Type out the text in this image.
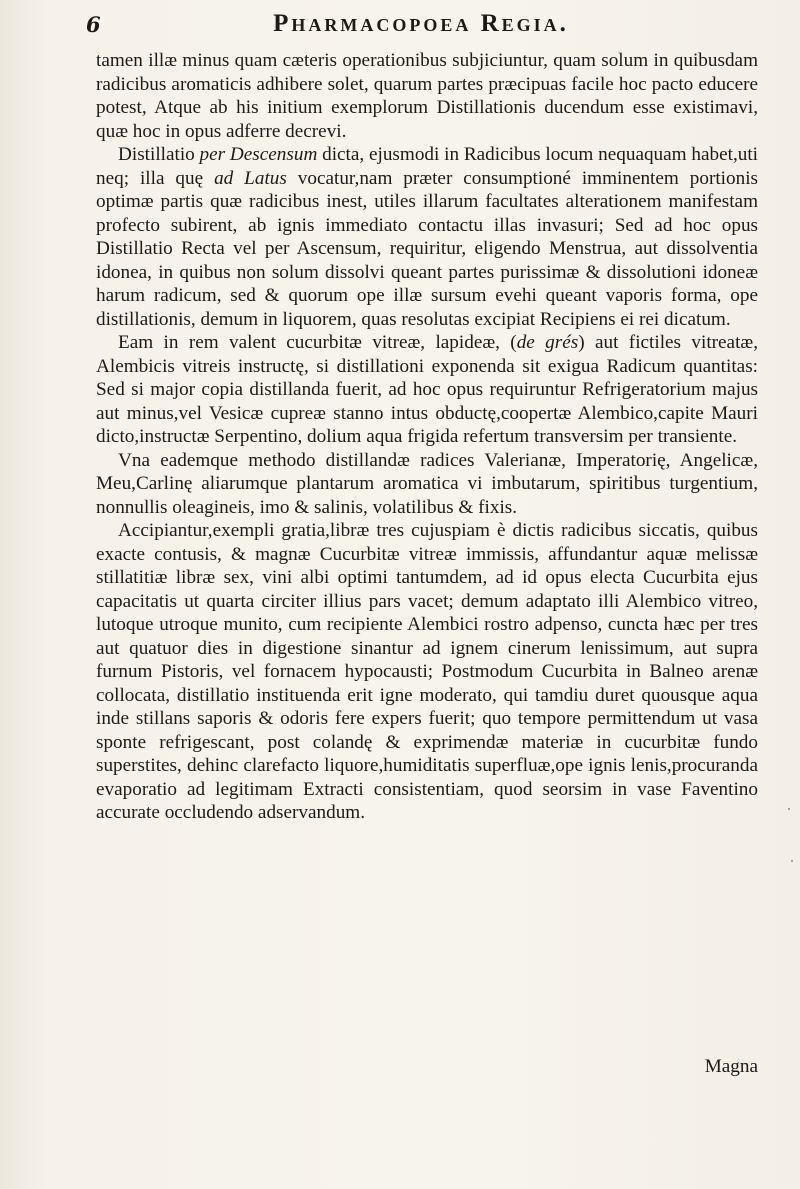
6	Pharmacopoea Regia.

tamen illæ minus quam cæteris operationibus subjiciuntur, quam solum in quibusdam radicibus aromaticis adhibere solet, quarum partes præcipuas facile hoc pacto educere potest, Atque ab his initium exemplorum Distillationis ducendum esse existimavi, quæ hoc in opus adferre decrevi.

Distillatio per Descensum dicta, ejusmodi in Radicibus locum nequaquam habet,uti neq; illa quę ad Latus vocatur,nam præter consumptioné imminentem portionis optimæ partis quæ radicibus inest, utiles illarum facultates alterationem manifestam profecto subirent, ab ignis immediato contactu illas invasuri; Sed ad hoc opus Distillatio Recta vel per Ascensum, requiritur, eligendo Menstrua, aut dissolventia idonea, in quibus non solum dissolvi queant partes purissimæ & dissolutioni idoneæ harum radicum, sed & quorum ope illæ sursum evehi queant vaporis forma, ope distillationis, demum in liquorem, quas resolutas excipiat Recipiens ei rei dicatum.

Eam in rem valent cucurbitæ vitreæ, lapideæ, (de grés) aut fictiles vitreatæ, Alembicis vitreis instructę, si distillationi exponenda sit exigua Radicum quantitas: Sed si major copia distillanda fuerit, ad hoc opus requiruntur Refrigeratorium majus aut minus,vel Vesicæ cupreæ stanno intus obductę,coopertæ Alembico,capite Mauri dicto,instructæ Serpentino, dolium aqua frigida refertum transversim per transiente.

Vna eademque methodo distillandæ radices Valerianæ, Imperatorię, Angelicæ, Meu,Carlinę aliarumque plantarum aromatica vi imbutarum, spiritibus turgentium, nonnullis oleagineis, imo & salinis, volatilibus & fixis.

Accipiantur,exempli gratia,libræ tres cujuspiam è dictis radicibus siccatis, quibus exacte contusis, & magnæ Cucurbitæ vitreæ immissis, affundantur aquæ melissæ stillatitiæ libræ sex, vini albi optimi tantumdem, ad id opus electa Cucurbita ejus capacitatis ut quarta circiter illius pars vacet; demum adaptato illi Alembico vitreo, lutoque utroque munito, cum recipiente Alembici rostro adpenso, cuncta hæc per tres aut quatuor dies in digestione sinantur ad ignem cinerum lenissimum, aut supra furnum Pistoris, vel fornacem hypocausti; Postmodum Cucurbita in Balneo arenæ collocata, distillatio instituenda erit igne moderato, qui tamdiu duret quousque aqua inde stillans saporis & odoris fere expers fuerit; quo tempore permittendum ut vasa sponte refrigescant, post colandę & exprimendæ materiæ in cucurbitæ fundo superstites, dehinc clarefacto liquore,humiditatis superfluæ,ope ignis lenis,procuranda evaporatio ad legitimam Extracti consistentiam, quod seorsim in vase Faventino accurate occludendo adservandum.

Magna
